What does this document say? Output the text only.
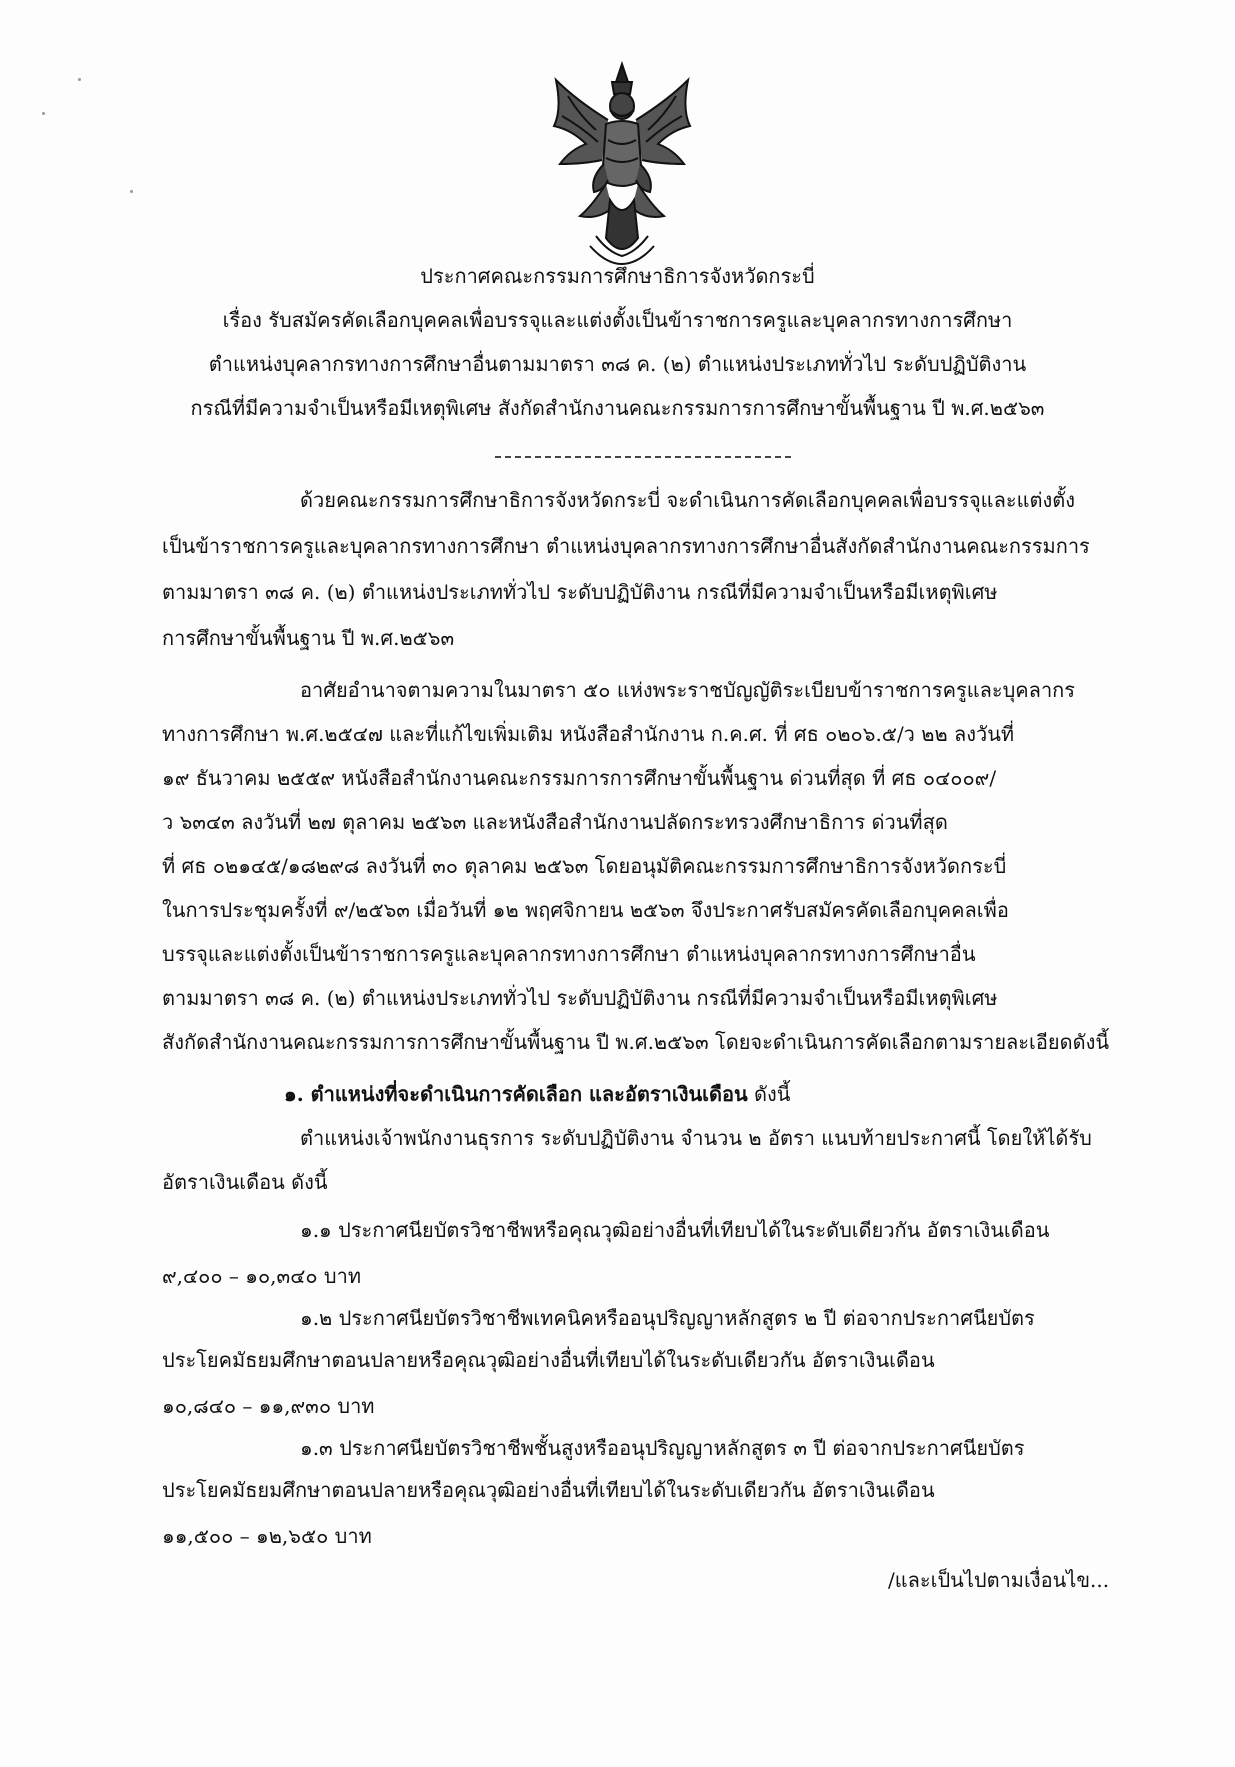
ประกาศคณะกรรมการศึกษาธิการจังหวัดกระบี่
เรื่อง รับสมัครคัดเลือกบุคคลเพื่อบรรจุและแต่งตั้งเป็นข้าราชการครูและบุคลากรทางการศึกษา
ตำแหน่งบุคลากรทางการศึกษาอื่นตามมาตรา ๓๘ ค. (๒) ตำแหน่งประเภททั่วไป ระดับปฏิบัติงาน
กรณีที่มีความจำเป็นหรือมีเหตุพิเศษ สังกัดสำนักงานคณะกรรมการการศึกษาขั้นพื้นฐาน ปี พ.ศ.๒๕๖๓
ด้วยคณะกรรมการศึกษาธิการจังหวัดกระบี่ จะดำเนินการคัดเลือกบุคคลเพื่อบรรจุและแต่งตั้ง
เป็นข้าราชการครูและบุคลากรทางการศึกษา ตำแหน่งบุคลากรทางการศึกษาอื่นสังกัดสำนักงานคณะกรรมการ
ตามมาตรา ๓๘ ค. (๒) ตำแหน่งประเภททั่วไป ระดับปฏิบัติงาน กรณีที่มีความจำเป็นหรือมีเหตุพิเศษ
การศึกษาขั้นพื้นฐาน ปี พ.ศ.๒๕๖๓
อาศัยอำนาจตามความในมาตรา ๕๐ แห่งพระราชบัญญัติระเบียบข้าราชการครูและบุคลากร
ทางการศึกษา พ.ศ.๒๕๔๗ และที่แก้ไขเพิ่มเติม หนังสือสำนักงาน ก.ค.ศ. ที่ ศธ ๐๒๐๖.๕/ว ๒๒ ลงวันที่
๑๙ ธันวาคม ๒๕๕๙ หนังสือสำนักงานคณะกรรมการการศึกษาขั้นพื้นฐาน ด่วนที่สุด ที่ ศธ ๐๔๐๐๙/
ว ๖๓๔๓ ลงวันที่ ๒๗ ตุลาคม ๒๕๖๓ และหนังสือสำนักงานปลัดกระทรวงศึกษาธิการ ด่วนที่สุด
ที่ ศธ ๐๒๑๔๕/๑๘๒๙๘ ลงวันที่ ๓๐ ตุลาคม ๒๕๖๓ โดยอนุมัติคณะกรรมการศึกษาธิการจังหวัดกระบี่
ในการประชุมครั้งที่ ๙/๒๕๖๓ เมื่อวันที่ ๑๒ พฤศจิกายน ๒๕๖๓ จึงประกาศรับสมัครคัดเลือกบุคคลเพื่อ
บรรจุและแต่งตั้งเป็นข้าราชการครูและบุคลากรทางการศึกษา ตำแหน่งบุคลากรทางการศึกษาอื่น
ตามมาตรา ๓๘ ค. (๒) ตำแหน่งประเภททั่วไป ระดับปฏิบัติงาน กรณีที่มีความจำเป็นหรือมีเหตุพิเศษ
สังกัดสำนักงานคณะกรรมการการศึกษาขั้นพื้นฐาน ปี พ.ศ.๒๕๖๓ โดยจะดำเนินการคัดเลือกตามรายละเอียดดังนี้
๑. ตำแหน่งที่จะดำเนินการคัดเลือก และอัตราเงินเดือน ดังนี้
ตำแหน่งเจ้าพนักงานธุรการ ระดับปฏิบัติงาน จำนวน ๒ อัตรา แนบท้ายประกาศนี้ โดยให้ได้รับ
อัตราเงินเดือน ดังนี้
๑.๑ ประกาศนียบัตรวิชาชีพหรือคุณวุฒิอย่างอื่นที่เทียบได้ในระดับเดียวกัน อัตราเงินเดือน
๙,๔๐๐ – ๑๐,๓๔๐ บาท
๑.๒ ประกาศนียบัตรวิชาชีพเทคนิคหรืออนุปริญญาหลักสูตร ๒ ปี ต่อจากประกาศนียบัตร
ประโยคมัธยมศึกษาตอนปลายหรือคุณวุฒิอย่างอื่นที่เทียบได้ในระดับเดียวกัน อัตราเงินเดือน
๑๐,๘๔๐ – ๑๑,๙๓๐ บาท
๑.๓ ประกาศนียบัตรวิชาชีพชั้นสูงหรืออนุปริญญาหลักสูตร ๓ ปี ต่อจากประกาศนียบัตร
ประโยคมัธยมศึกษาตอนปลายหรือคุณวุฒิอย่างอื่นที่เทียบได้ในระดับเดียวกัน อัตราเงินเดือน
๑๑,๕๐๐ – ๑๒,๖๕๐ บาท
/และเป็นไปตามเงื่อนไข...
